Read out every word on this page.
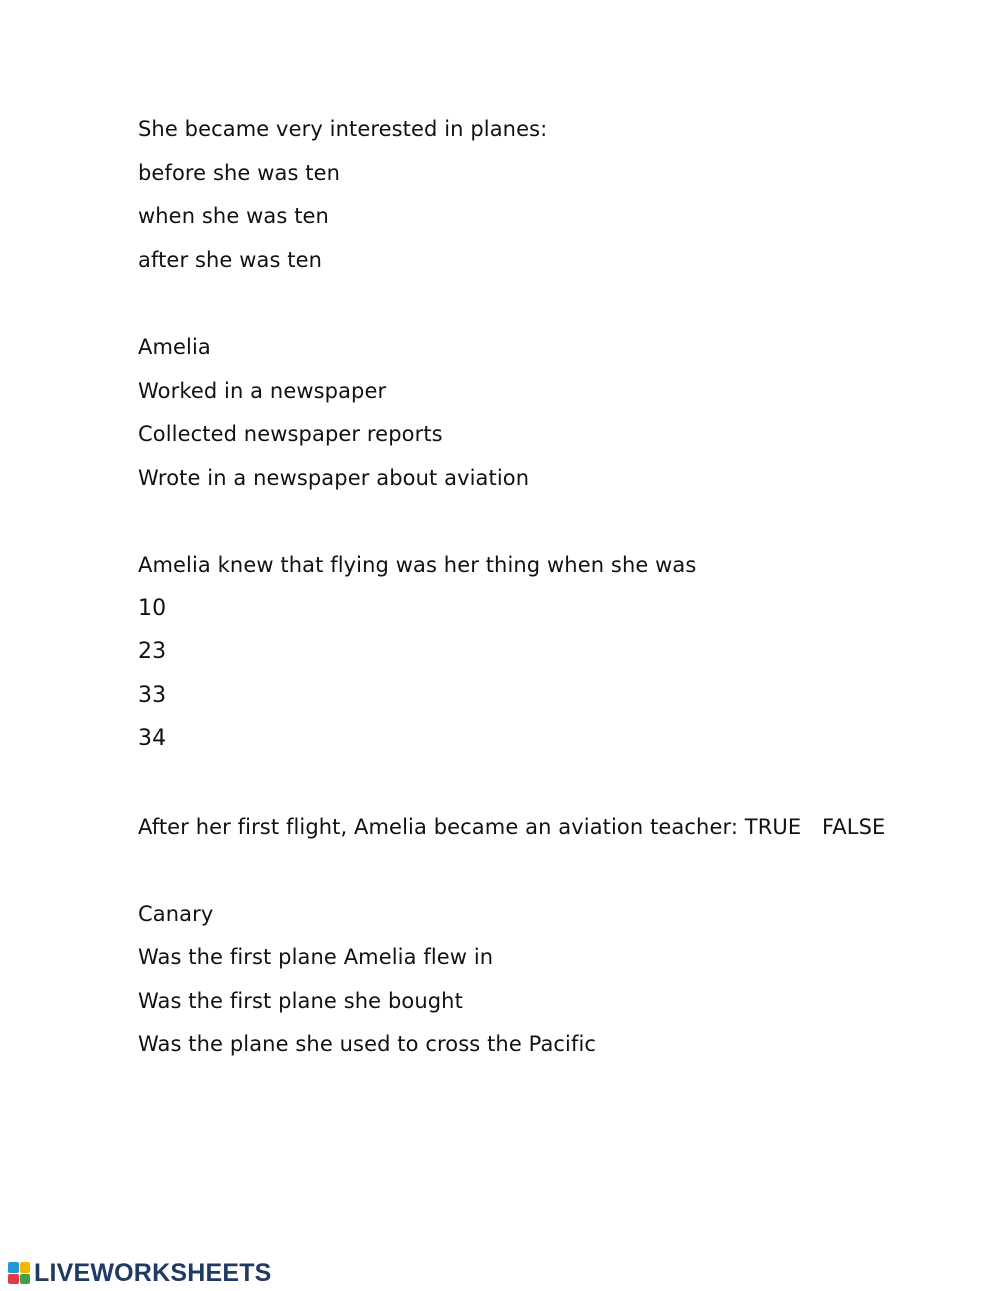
She became very interested in planes:
before she was ten
when she was ten
after she was ten
Amelia
Worked in a newspaper
Collected newspaper reports
Wrote in a newspaper about aviation
Amelia knew that flying was her thing when she was
10
23
33
34
After her first flight, Amelia became an aviation teacher: TRUE FALSE
Canary
Was the first plane Amelia flew in
Was the first plane she bought
Was the plane she used to cross the Pacific
LIVEWORKSHEETS
